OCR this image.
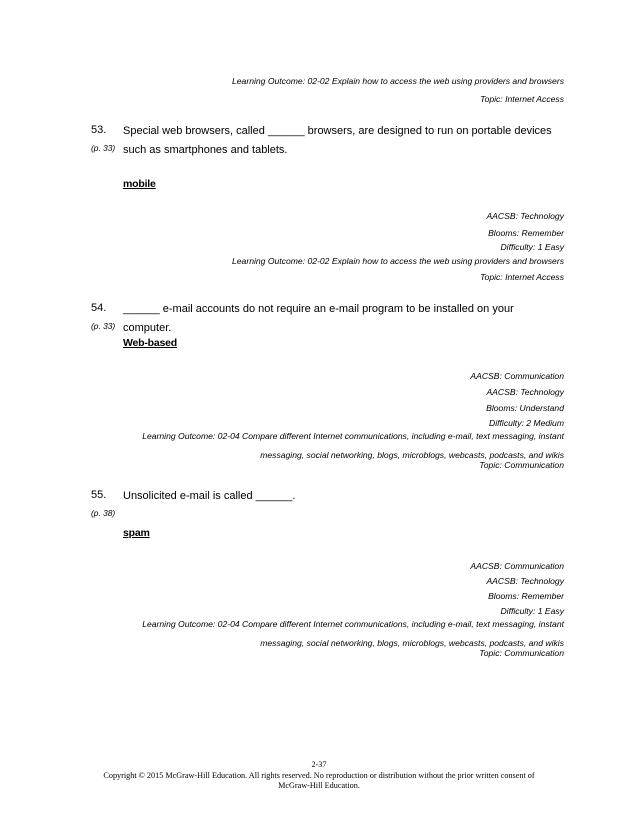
Learning Outcome: 02-02 Explain how to access the web using providers and browsers
Topic: Internet Access
53.
(p. 33)
Special web browsers, called ______ browsers, are designed to run on portable devices such as smartphones and tablets.
mobile
AACSB: Technology
Blooms: Remember
Difficulty: 1 Easy
Learning Outcome: 02-02 Explain how to access the web using providers and browsers
Topic: Internet Access
54.
(p. 33)
______ e-mail accounts do not require an e-mail program to be installed on your computer.
Web-based
AACSB: Communication
AACSB: Technology
Blooms: Understand
Difficulty: 2 Medium
Learning Outcome: 02-04 Compare different Internet communications, including e-mail, text messaging, instant messaging, social networking, blogs, microblogs, webcasts, podcasts, and wikis
Topic: Communication
55.
(p. 38)
Unsolicited e-mail is called ______.
spam
AACSB: Communication
AACSB: Technology
Blooms: Remember
Difficulty: 1 Easy
Learning Outcome: 02-04 Compare different Internet communications, including e-mail, text messaging, instant messaging, social networking, blogs, microblogs, webcasts, podcasts, and wikis
Topic: Communication
2-37
Copyright © 2015 McGraw-Hill Education. All rights reserved. No reproduction or distribution without the prior written consent of McGraw-Hill Education.
